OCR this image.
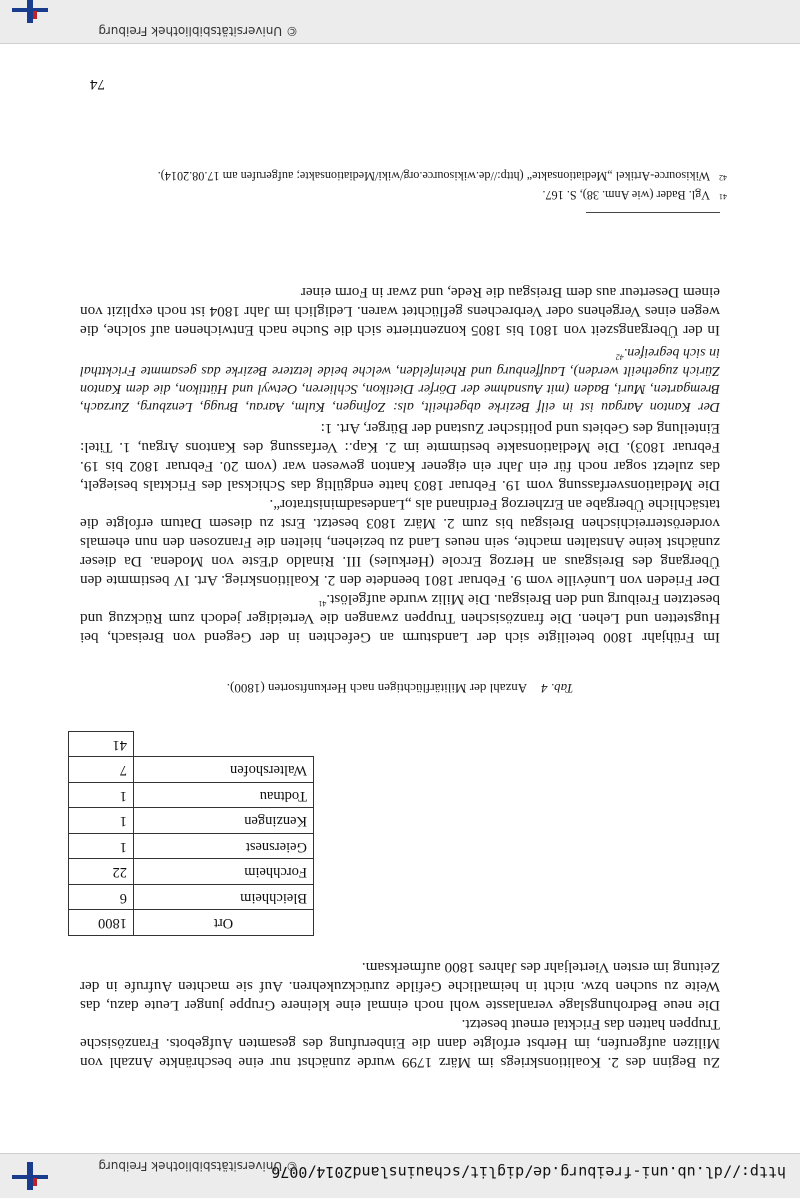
http://dl.ub.uni-freiburg.de/diglit/schauinsland2014/0076
© Universitätsbibliothek Freiburg

Zu Beginn des 2. Koalitionskriegs im März 1799 wurde zunächst nur eine beschränkte Anzahl von Milizen aufgerufen, im Herbst erfolgte dann die Einberufung des gesamten Aufgebots. Französische Truppen hatten das Fricktal erneut besetzt.

Die neue Bedrohungslage veranlasste wohl noch einmal eine kleinere Gruppe junger Leute dazu, das Weite zu suchen bzw. nicht in heimatliche Gefilde zurückzukehren. Auf sie machten Aufrufe in der Zeitung im ersten Vierteljahr des Jahres 1800 aufmerksam.

Ort	1800
Bleichheim	6
Forchheim	22
Geiersnest	1
Kenzingen	1
Todtnau	1
Waltershofen	7
	41
Tab. 4Anzahl der Militärflüchtigen nach Herkunftsorten (1800).

Im Frühjahr 1800 beteiligte sich der Landsturm an Gefechten in der Gegend von Breisach, bei Hugstetten und Lehen. Die französischen Truppen zwangen die Verteidiger jedoch zum Rückzug und besetzten Freiburg und den Breisgau. Die Miliz wurde aufgelöst.$^{41}$

Der Frieden von Lunéville vom 9. Februar 1801 beendete den 2. Koalitionskrieg. Art. IV bestimmte den Übergang des Breisgaus an Herzog Ercole (Herkules) III. Rinaldo d'Este von Modena. Da dieser zunächst keine Anstalten machte, sein neues Land zu beziehen, hielten die Franzosen den nun ehemals vorderösterreichischen Breisgau bis zum 2. März 1803 besetzt. Erst zu diesem Datum erfolgte die tatsächliche Übergabe an Erzherzog Ferdinand als „Landesadministrator“.

Die Mediationsverfassung vom 19. Februar 1803 hatte endgültig das Schicksal des Fricktals besiegelt, das zuletzt sogar noch für ein Jahr ein eigener Kanton gewesen war (vom 20. Februar 1802 bis 19. Februar 1803). Die Mediationsakte bestimmte im 2. Kap.: Verfassung des Kantons Argau, 1. Titel: Einteilung des Gebiets und politischer Zustand der Bürger, Art. 1:

Der Kanton Aargau ist in eilf Bezirke abgetheilt, als: Zofingen, Kulm, Aarau, Brugg, Lenzburg, Zurzach, Bremgarten, Muri, Baden (mit Ausnahme der Dörfer Dietikon, Schlieren, Oetwyl und Hüttikon, die dem Kanton Zürich zugetheilt werden), Lauffenburg und Rheinfelden, welche beide letztere Bezirke das gesammte Fricktthal in sich begreifen.$^{42}$

In der Übergangszeit von 1801 bis 1805 konzentrierte sich die Suche nach Entwichenen auf solche, die wegen eines Vergehens oder Verbrechens geflüchtet waren. Lediglich im Jahr 1804 ist noch explizit von einem Deserteur aus dem Breisgau die Rede, und zwar in Form einer

41
Vgl. Bader (wie Anm. 38), S. 167.
42
Wikisource-Artikel „Mediationsakte“ (http://de.wikisource.org/wiki/Mediationsakte; aufgerufen am 17.08.2014).
74
© Universitätsbibliothek Freiburg
